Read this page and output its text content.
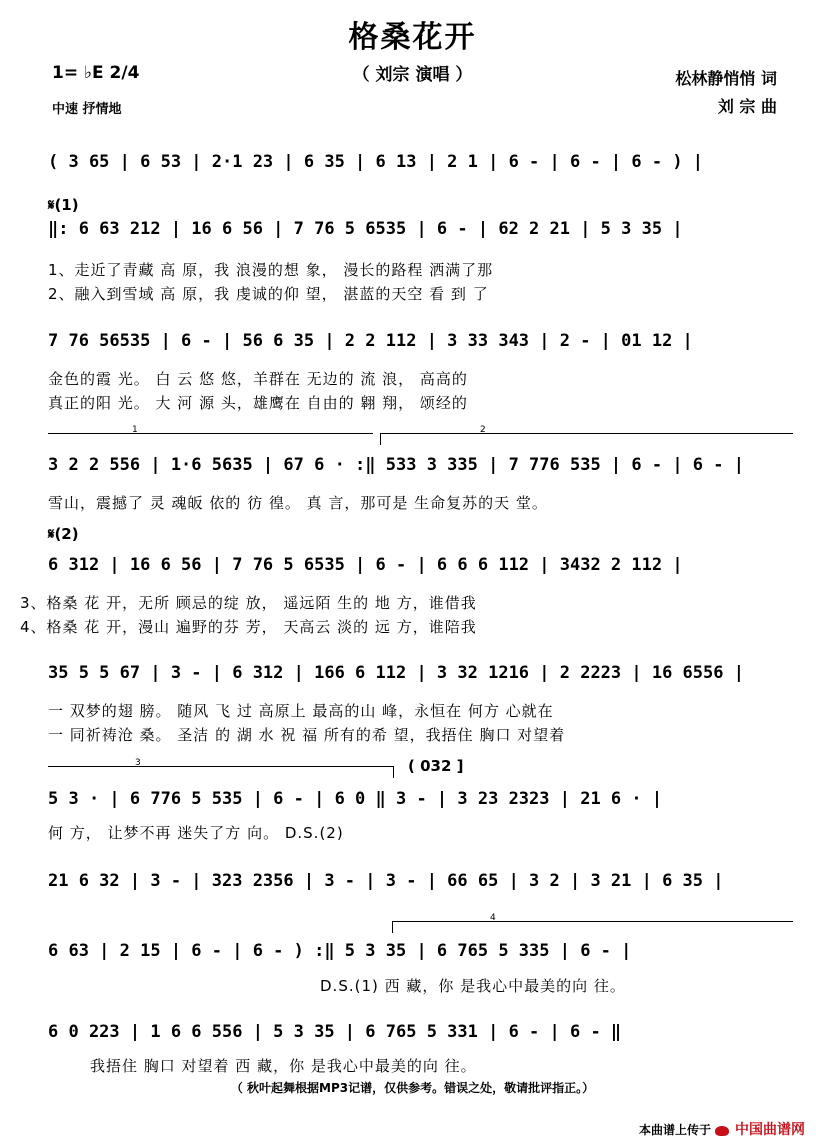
格桑花开
（ 刘宗 演唱 ）
1= ♭E 2/4
中速 抒情地
松林静悄悄 词
刘 宗 曲
( 3 65 | 6 53 | 2·1 23 | 6 35 | 6 13 | 2 1 | 6 - | 6 - | 6 - ) |
𝄋(1)
‖: 6 63 212 | 16 6 56 | 7 76 5 6535 | 6 - | 62 2 21 | 5 3 35 |
1、走近了青藏 高 原，我 浪漫的想 象， 漫长的路程 洒满了那
2、融入到雪域 高 原，我 虔诚的仰 望， 湛蓝的天空 看 到 了
7 76 56535 | 6 - | 56 6 35 | 2 2 112 | 3 33 343 | 2 - | 01 12 |
金色的霞 光。 白 云 悠 悠，羊群在 无边的 流 浪， 高高的
真正的阳 光。 大 河 源 头，雄鹰在 自由的 翱 翔， 颂经的
1	2
3 2 2 556 | 1·6 5635 | 67 6 · :‖ 533 3 335 | 7 776 535 | 6 - | 6 - |
雪山，震撼了 灵 魂皈 依的 彷 徨。 真 言，那可是 生命复苏的天 堂。
𝄋(2)
6 312 | 16 6 56 | 7 76 5 6535 | 6 - | 6 6 6 112 | 3432 2 112 |
3、格桑 花 开，无所 顾忌的绽 放， 遥远陌 生的 地 方，谁借我
4、格桑 花 开，漫山 遍野的芬 芳， 天高云 淡的 远 方，谁陪我
35 5 5 67 | 3 - | 6 312 | 166 6 112 | 3 32 1216 | 2 2223 | 16 6556 |
一 双梦的翅 膀。 随风 飞 过 高原上 最高的山 峰，永恒在 何方 心就在
一 同祈祷沧 桑。 圣洁 的 湖 水 祝 福 所有的希 望，我捂住 胸口 对望着
3	( 032 ]
5 3 · | 6 776 5 535 | 6 - | 6 0 ‖ 3 - | 3 23 2323 | 21 6 · |
何 方， 让梦不再 迷失了方 向。 D.S.(2)
21 6 32 | 3 - | 323 2356 | 3 - | 3 - | 66 65 | 3 2 | 3 21 | 6 35 |
4
6 63 | 2 15 | 6 - | 6 - ) :‖ 5 3 35 | 6 765 5 335 | 6 - |
D.S.(1) 西 藏，你 是我心中最美的向 往。
6 0 223 | 1 6 6 556 | 5 3 35 | 6 765 5 331 | 6 - | 6 - ‖
我捂住 胸口 对望着 西 藏，你 是我心中最美的向 往。
（ 秋叶起舞根据MP3记谱，仅供参考。错误之处，敬请批评指正。）
本曲谱上传于 中国曲谱网
